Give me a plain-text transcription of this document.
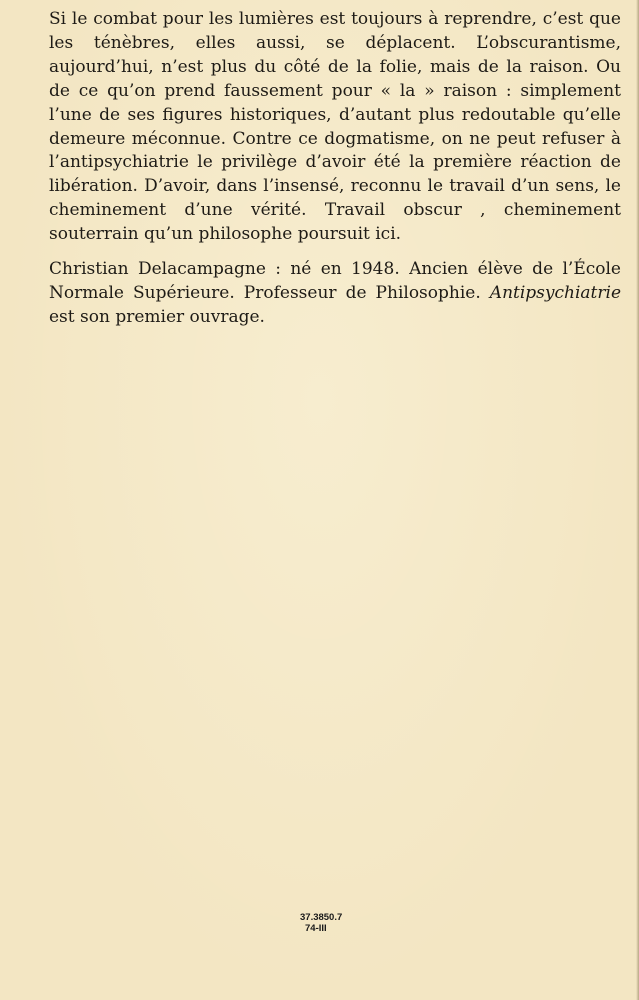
Si le combat pour les lumières est toujours à reprendre, c’est que les ténèbres, elles aussi, se déplacent. L’obscurantisme, aujourd’hui, n’est plus du côté de la folie, mais de la raison. Ou de ce qu’on prend faussement pour « la » raison : simplement l’une de ses figures historiques, d’autant plus redoutable qu’elle demeure méconnue. Contre ce dogmatisme, on ne peut refuser à l’antipsychiatrie le privilège d’avoir été la première réaction de libération. D’avoir, dans l’insensé, reconnu le travail d’un sens, le cheminement d’une vérité. Travail obscur , cheminement souterrain qu’un philosophe poursuit ici.

Christian Delacampagne : né en 1948. Ancien élève de l’École Normale Supérieure. Professeur de Philosophie. Antipsychiatrie est son premier ouvrage.

37.3850.7
74-III
